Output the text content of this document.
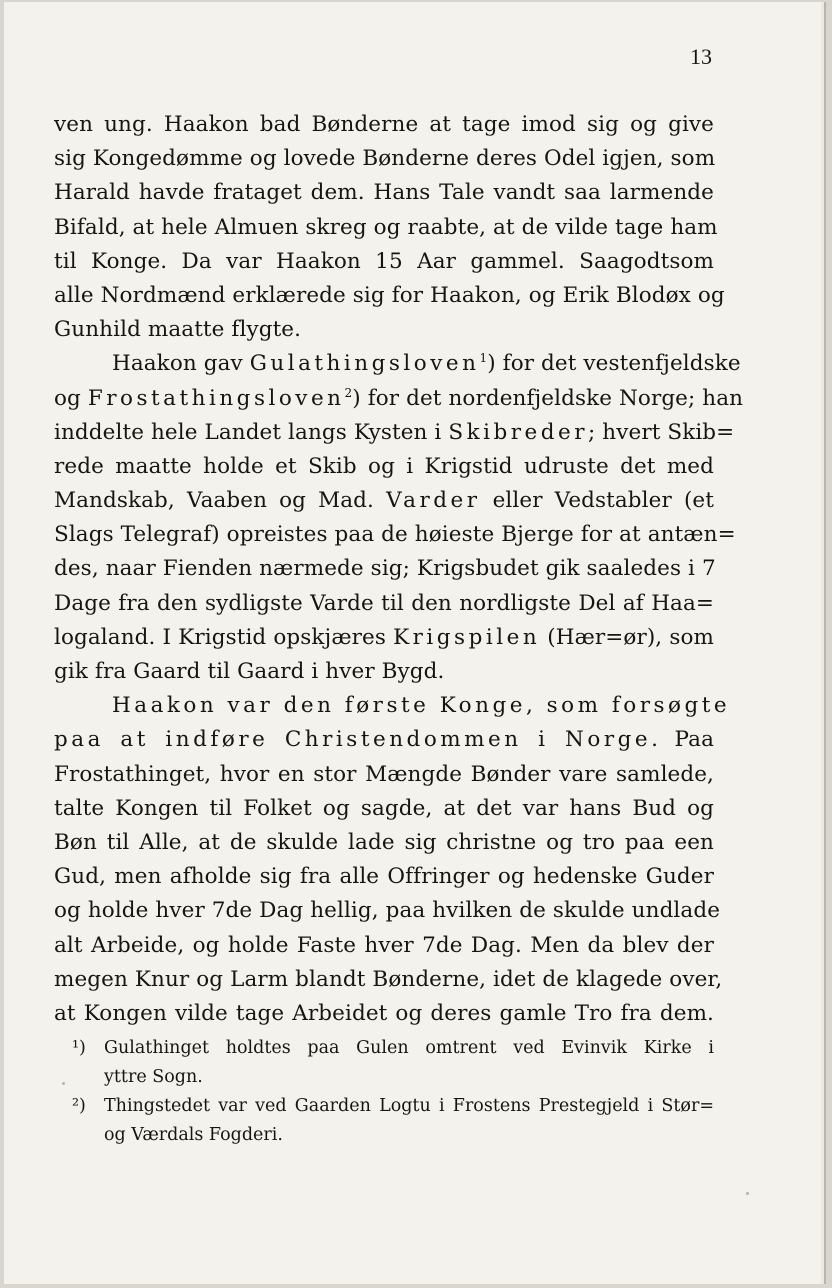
13
ven ung. Haakon bad Bønderne at tage imod sig og give
sig Kongedømme og lovede Bønderne deres Odel igjen, som
Harald havde frataget dem. Hans Tale vandt saa larmende
Bifald, at hele Almuen skreg og raabte, at de vilde tage ham
til Konge. Da var Haakon 15 Aar gammel. Saagodtsom
alle Nordmænd erklærede sig for Haakon, og Erik Blodøx og
Gunhild maatte flygte.
Haakon gav Gulathingsloven$^1$) for det vestenfjeldske
og Frostathingsloven$^2$) for det nordenfjeldske Norge; han
inddelte hele Landet langs Kysten i Skibreder; hvert Skib=
rede maatte holde et Skib og i Krigstid udruste det med
Mandskab, Vaaben og Mad. Varder eller Vedstabler (et
Slags Telegraf) opreistes paa de høieste Bjerge for at antæn=
des, naar Fienden nærmede sig; Krigsbudet gik saaledes i 7
Dage fra den sydligste Varde til den nordligste Del af Haa=
logaland. I Krigstid opskjæres Krigspilen (Hær=ør), som
gik fra Gaard til Gaard i hver Bygd.
Haakon var den første Konge, som forsøgte
paa at indføre Christendommen i Norge. Paa
Frostathinget, hvor en stor Mængde Bønder vare samlede,
talte Kongen til Folket og sagde, at det var hans Bud og
Bøn til Alle, at de skulde lade sig christne og tro paa een
Gud, men afholde sig fra alle Offringer og hedenske Guder
og holde hver 7de Dag hellig, paa hvilken de skulde undlade
alt Arbeide, og holde Faste hver 7de Dag. Men da blev der
megen Knur og Larm blandt Bønderne, idet de klagede over,
at Kongen vilde tage Arbeidet og deres gamle Tro fra dem.
¹)	Gulathinget holdtes paa Gulen omtrent ved Evinvik Kirke i
yttre Sogn.
²)	Thingstedet var ved Gaarden Logtu i Frostens Prestegjeld i Stør=
og Værdals Fogderi.
